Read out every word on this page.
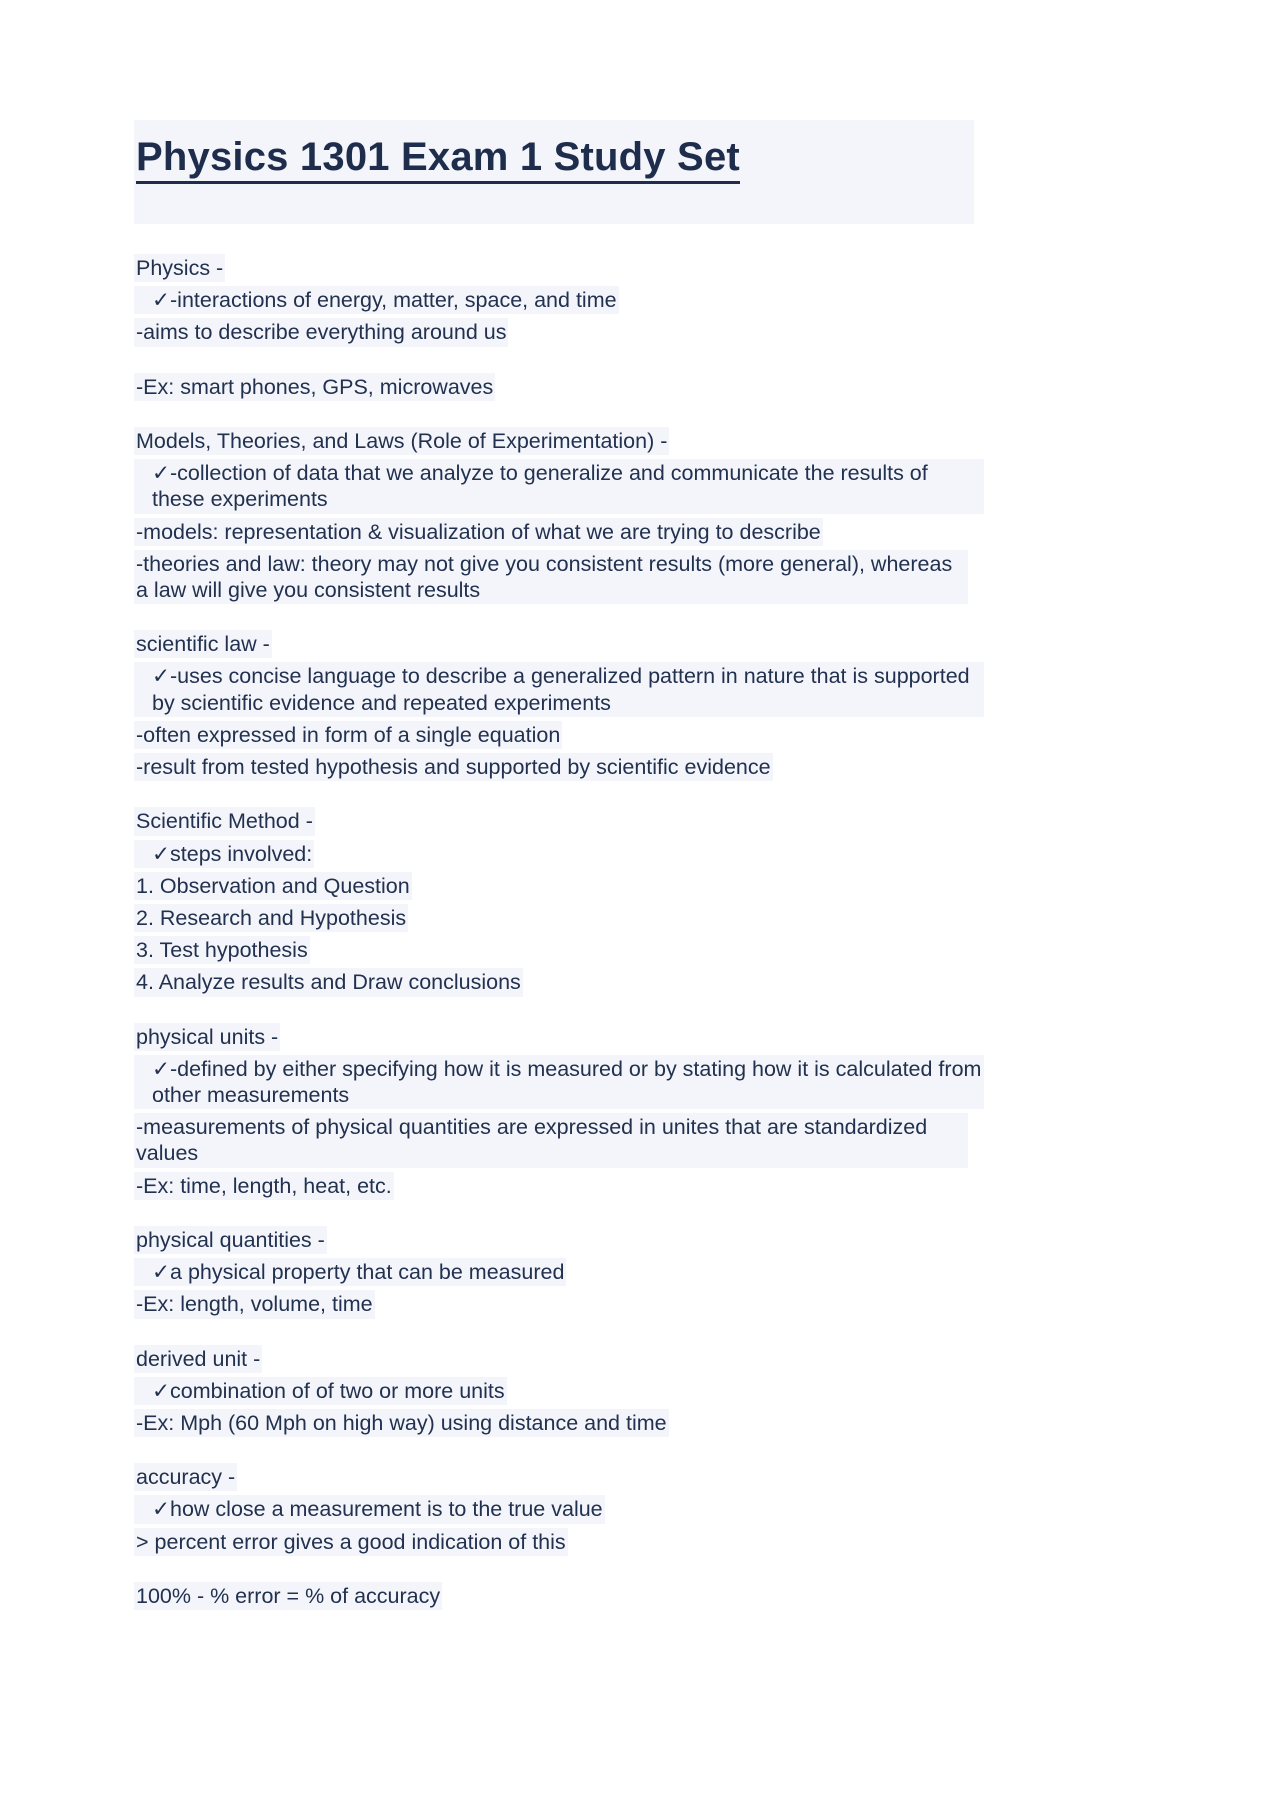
Physics 1301 Exam 1 Study Set

Physics -

✓-interactions of energy, matter, space, and time

-aims to describe everything around us

-Ex: smart phones, GPS, microwaves

Models, Theories, and Laws (Role of Experimentation) -

✓-collection of data that we analyze to generalize and communicate the results of these experiments

-models: representation & visualization of what we are trying to describe

-theories and law: theory may not give you consistent results (more general), whereas a law will give you consistent results

scientific law -

✓-uses concise language to describe a generalized pattern in nature that is supported by scientific evidence and repeated experiments

-often expressed in form of a single equation

-result from tested hypothesis and supported by scientific evidence

Scientific Method -

✓steps involved:

1. Observation and Question

2. Research and Hypothesis

3. Test hypothesis

4. Analyze results and Draw conclusions

physical units -

✓-defined by either specifying how it is measured or by stating how it is calculated from other measurements

-measurements of physical quantities are expressed in unites that are standardized values

-Ex: time, length, heat, etc.

physical quantities -

✓a physical property that can be measured

-Ex: length, volume, time

derived unit -

✓combination of of two or more units

-Ex: Mph (60 Mph on high way) using distance and time

accuracy -

✓how close a measurement is to the true value

> percent error gives a good indication of this

100% - % error = % of accuracy
